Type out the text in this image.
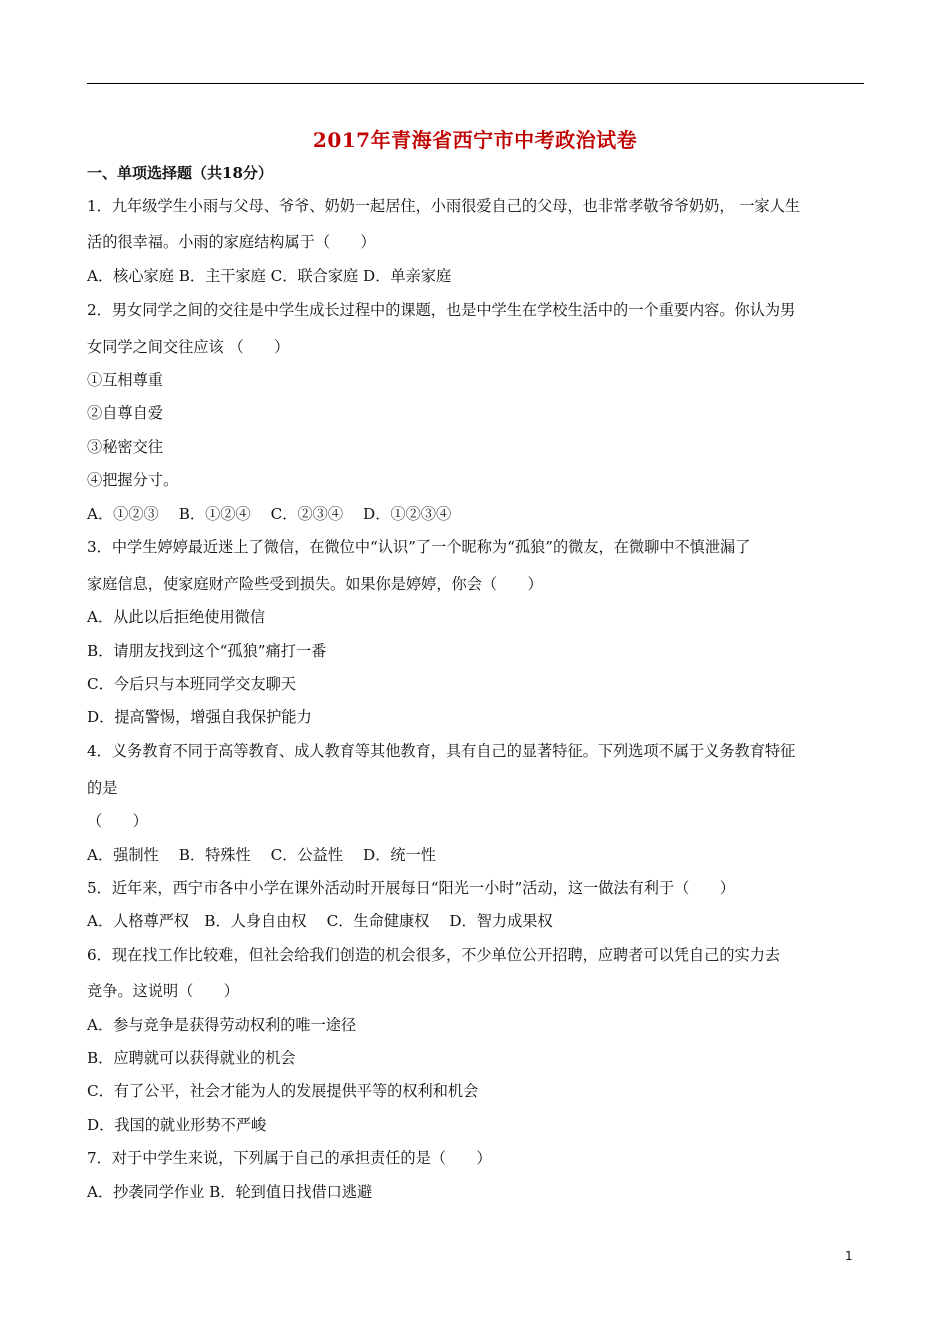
2017年青海省西宁市中考政治试卷
一、单项选择题（共18分）
1．九年级学生小雨与父母、爷爷、奶奶一起居住，小雨很爱自己的父母，也非常孝敬爷爷奶奶， 一家人生
活的很幸福。小雨的家庭结构属于（　　）
A．核心家庭 B．主干家庭 C．联合家庭 D．单亲家庭
2．男女同学之间的交往是中学生成长过程中的课题，也是中学生在学校生活中的一个重要内容。你认为男
女同学之间交往应该 （　　）
①互相尊重
②自尊自爱
③秘密交往
④把握分寸。
A．①②③　 B．①②④　 C．②③④　 D．①②③④
3．中学生婷婷最近迷上了微信，在微位中“认识”了一个昵称为“孤狼”的微友，在微聊中不慎泄漏了
家庭信息，使家庭财产险些受到损失。如果你是婷婷，你会（　　）
A．从此以后拒绝使用微信
B．请朋友找到这个“孤狼”痛打一番
C．今后只与本班同学交友聊天
D．提高警惕，增强自我保护能力
4．义务教育不同于高等教育、成人教育等其他教育，具有自己的显著特征。下列选项不属于义务教育特征
的是
（　　）
A．强制性　 B．特殊性　 C．公益性　 D．统一性
5．近年来，西宁市各中小学在课外活动时开展每日“阳光一小时”活动，这一做法有利于（　　）
A．人格尊严权　B．人身自由权　 C．生命健康权　 D．智力成果权
6．现在找工作比较难，但社会给我们创造的机会很多，不少单位公开招聘，应聘者可以凭自己的实力去
竞争。这说明（　　）
A．参与竞争是获得劳动权利的唯一途径
B．应聘就可以获得就业的机会
C．有了公平，社会才能为人的发展提供平等的权利和机会
D．我国的就业形势不严峻
7．对于中学生来说，下列属于自己的承担责任的是（　　）
A．抄袭同学作业 B．轮到值日找借口逃避
1
